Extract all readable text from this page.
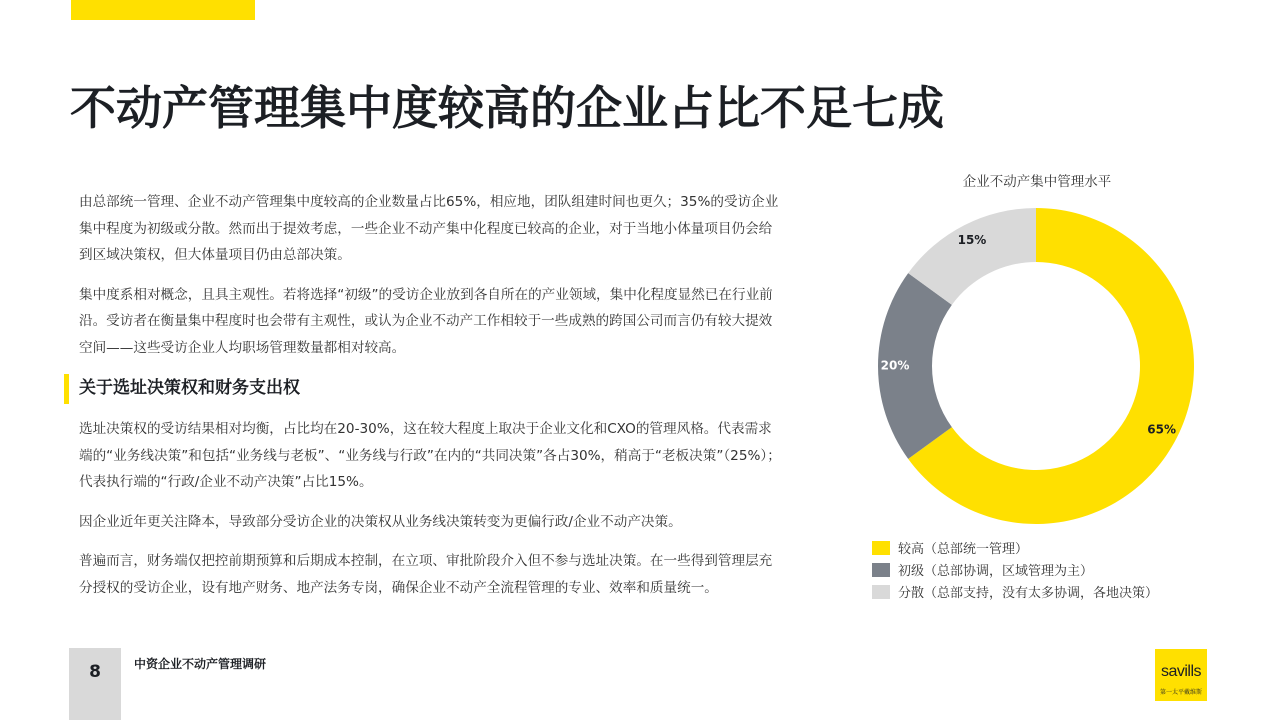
不动产管理集中度较高的企业占比不足七成

由总部统一管理、企业不动产管理集中度较高的企业数量占比65%，相应地，团队组建时间也更久；35%的受访企业集中程度为初级或分散。然而出于提效考虑，一些企业不动产集中化程度已较高的企业，对于当地小体量项目仍会给到区域决策权，但大体量项目仍由总部决策。

集中度系相对概念，且具主观性。若将选择“初级”的受访企业放到各自所在的产业领域，集中化程度显然已在行业前沿。受访者在衡量集中程度时也会带有主观性，或认为企业不动产工作相较于一些成熟的跨国公司而言仍有较大提效空间——这些受访企业人均职场管理数量都相对较高。

关于选址决策权和财务支出权

选址决策权的受访结果相对均衡，占比均在20-30%，这在较大程度上取决于企业文化和CXO的管理风格。代表需求端的“业务线决策”和包括“业务线与老板”、“业务线与行政”在内的“共同决策”各占30%，稍高于“老板决策”（25%）；代表执行端的“行政/企业不动产决策”占比15%。

因企业近年更关注降本，导致部分受访企业的决策权从业务线决策转变为更偏行政/企业不动产决策。

普遍而言，财务端仅把控前期预算和后期成本控制，在立项、审批阶段介入但不参与选址决策。在一些得到管理层充分授权的受访企业，设有地产财务、地产法务专岗，确保企业不动产全流程管理的专业、效率和质量统一。

企业不动产集中管理水平
65%
20%
15%
较高（总部统一管理）
初级（总部协调，区域管理为主）
分散（总部支持，没有太多协调，各地决策）
8	中资企业不动产管理调研	savills
第一太平戴维斯
